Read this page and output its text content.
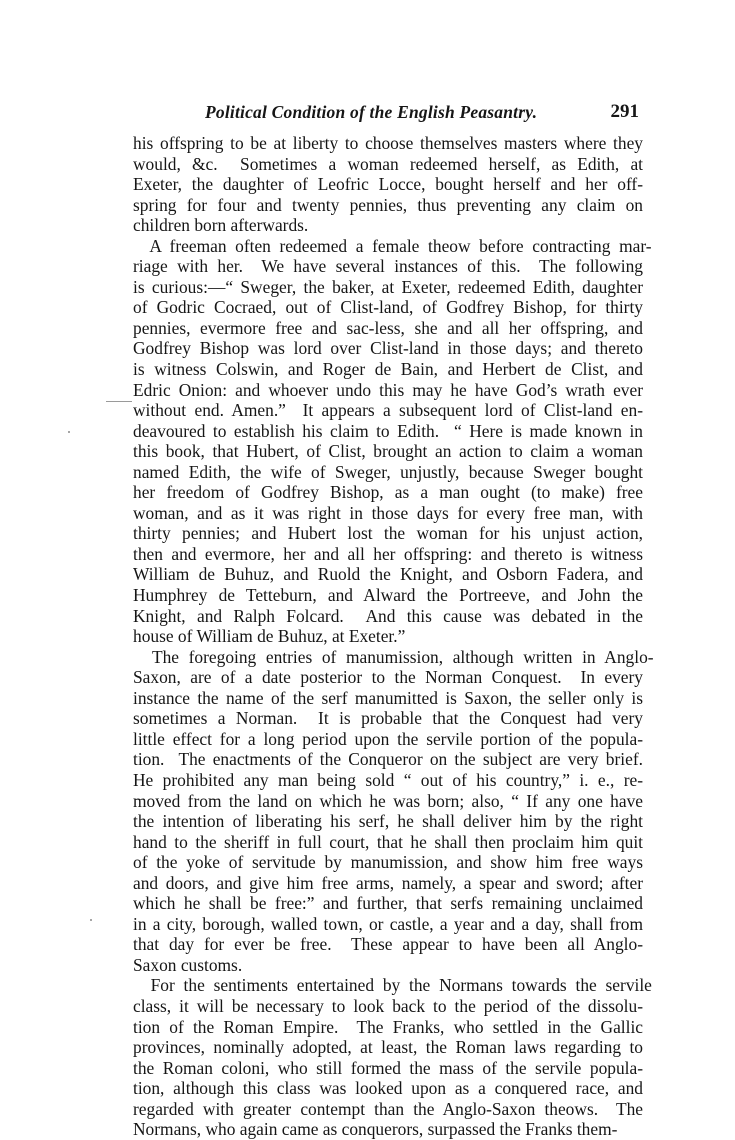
Political Condition of the English Peasantry.	291
his offspring to be at liberty to choose themselves masters where they
would, &c.  Sometimes a woman redeemed herself, as Edith, at
Exeter, the daughter of Leofric Locce, bought herself and her off-
spring for four and twenty pennies, thus preventing any claim on
children born afterwards.
A freeman often redeemed a female theow before contracting mar-
riage with her.  We have several instances of this.  The following
is curious:—“ Sweger, the baker, at Exeter, redeemed Edith, daughter
of Godric Cocraed, out of Clist-land, of Godfrey Bishop, for thirty
pennies, evermore free and sac-less, she and all her offspring, and
Godfrey Bishop was lord over Clist-land in those days; and thereto
is witness Colswin, and Roger de Bain, and Herbert de Clist, and
Edric Onion: and whoever undo this may he have God’s wrath ever
without end. Amen.”  It appears a subsequent lord of Clist-land en-
deavoured to establish his claim to Edith.  “ Here is made known in
this book, that Hubert, of Clist, brought an action to claim a woman
named Edith, the wife of Sweger, unjustly, because Sweger bought
her freedom of Godfrey Bishop, as a man ought (to make) free
woman, and as it was right in those days for every free man, with
thirty pennies; and Hubert lost the woman for his unjust action,
then and evermore, her and all her offspring: and thereto is witness
William de Buhuz, and Ruold the Knight, and Osborn Fadera, and
Humphrey de Tetteburn, and Alward the Portreeve, and John the
Knight, and Ralph Folcard.  And this cause was debated in the
house of William de Buhuz, at Exeter.”
The foregoing entries of manumission, although written in Anglo-
Saxon, are of a date posterior to the Norman Conquest.  In every
instance the name of the serf manumitted is Saxon, the seller only is
sometimes a Norman.  It is probable that the Conquest had very
little effect for a long period upon the servile portion of the popula-
tion.  The enactments of the Conqueror on the subject are very brief.
He prohibited any man being sold “ out of his country,” i. e., re-
moved from the land on which he was born; also, “ If any one have
the intention of liberating his serf, he shall deliver him by the right
hand to the sheriff in full court, that he shall then proclaim him quit
of the yoke of servitude by manumission, and show him free ways
and doors, and give him free arms, namely, a spear and sword; after
which he shall be free:” and further, that serfs remaining unclaimed
in a city, borough, walled town, or castle, a year and a day, shall from
that day for ever be free.  These appear to have been all Anglo-
Saxon customs.
For the sentiments entertained by the Normans towards the servile
class, it will be necessary to look back to the period of the dissolu-
tion of the Roman Empire.  The Franks, who settled in the Gallic
provinces, nominally adopted, at least, the Roman laws regarding to
the Roman coloni, who still formed the mass of the servile popula-
tion, although this class was looked upon as a conquered race, and
regarded with greater contempt than the Anglo-Saxon theows.  The
Normans, who again came as conquerors, surpassed the Franks them-
